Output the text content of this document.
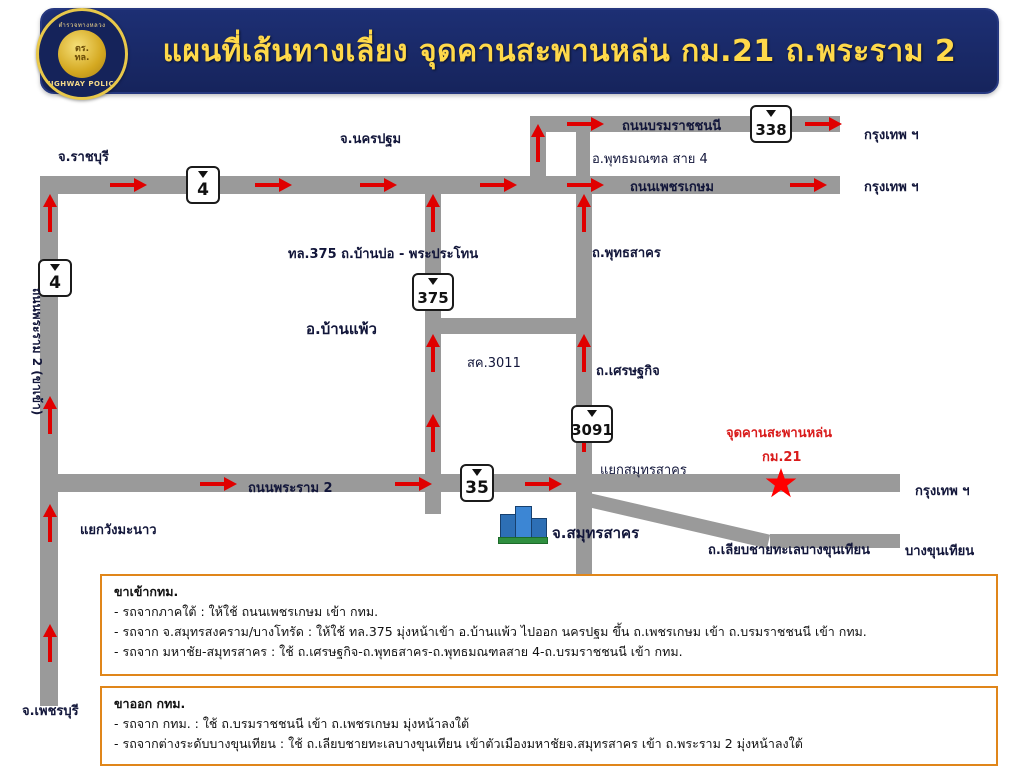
แผนที่เส้นทางเลี่ยง จุดคานสะพานหล่น กม.21 ถ.พระราม 2
ตำรวจทางหลวง
ตร.
ทล.
HIGHWAY POLICE
338
4
4
375
3091
35
จุดคานสะพานหล่น
กม.21
จ.นครปฐม
จ.ราชบุรี
ถนนบรมราชชนนี
กรุงเทพ ฯ
อ.พุทธมณฑล สาย 4
ถนนเพชรเกษม	กรุงเทพ ฯ
ทล.375 ถ.บ้านบ่อ - พระประโทน	ถ.พุทธสาคร
อ.บ้านแพ้ว
สค.3011
ถ.เศรษฐกิจ
แยกสมุทรสาคร
ถนนพระราม 2	กรุงเทพ ฯ
แยกวังมะนาว	จ.สมุทรสาคร
ถ.เลียบชายทะเลบางขุนเทียน	บางขุนเทียน
จ.เพชรบุรี
ถนนพระราม 2 (ขาเข้า)
ขาเข้ากทม.
- รถจากภาคใต้ : ให้ใช้ ถนนเพชรเกษม เข้า กทม.
- รถจาก จ.สมุทรสงคราม/บางโทรัด : ให้ใช้ ทล.375 มุ่งหน้าเข้า อ.บ้านแพ้ว ไปออก นครปฐม ขึ้น ถ.เพชรเกษม เข้า ถ.บรมราชชนนี เข้า กทม.
- รถจาก มหาชัย-สมุทรสาคร : ใช้ ถ.เศรษฐกิจ-ถ.พุทธสาคร-ถ.พุทธมณฑลสาย 4-ถ.บรมราชชนนี เข้า กทม.
ขาออก กทม.
- รถจาก กทม. : ใช้ ถ.บรมราชชนนี เข้า ถ.เพชรเกษม มุ่งหน้าลงใต้
- รถจากต่างระดับบางขุนเทียน : ใช้ ถ.เลียบชายทะเลบางขุนเทียน เข้าตัวเมืองมหาชัยจ.สมุทรสาคร เข้า ถ.พระราม 2 มุ่งหน้าลงใต้
